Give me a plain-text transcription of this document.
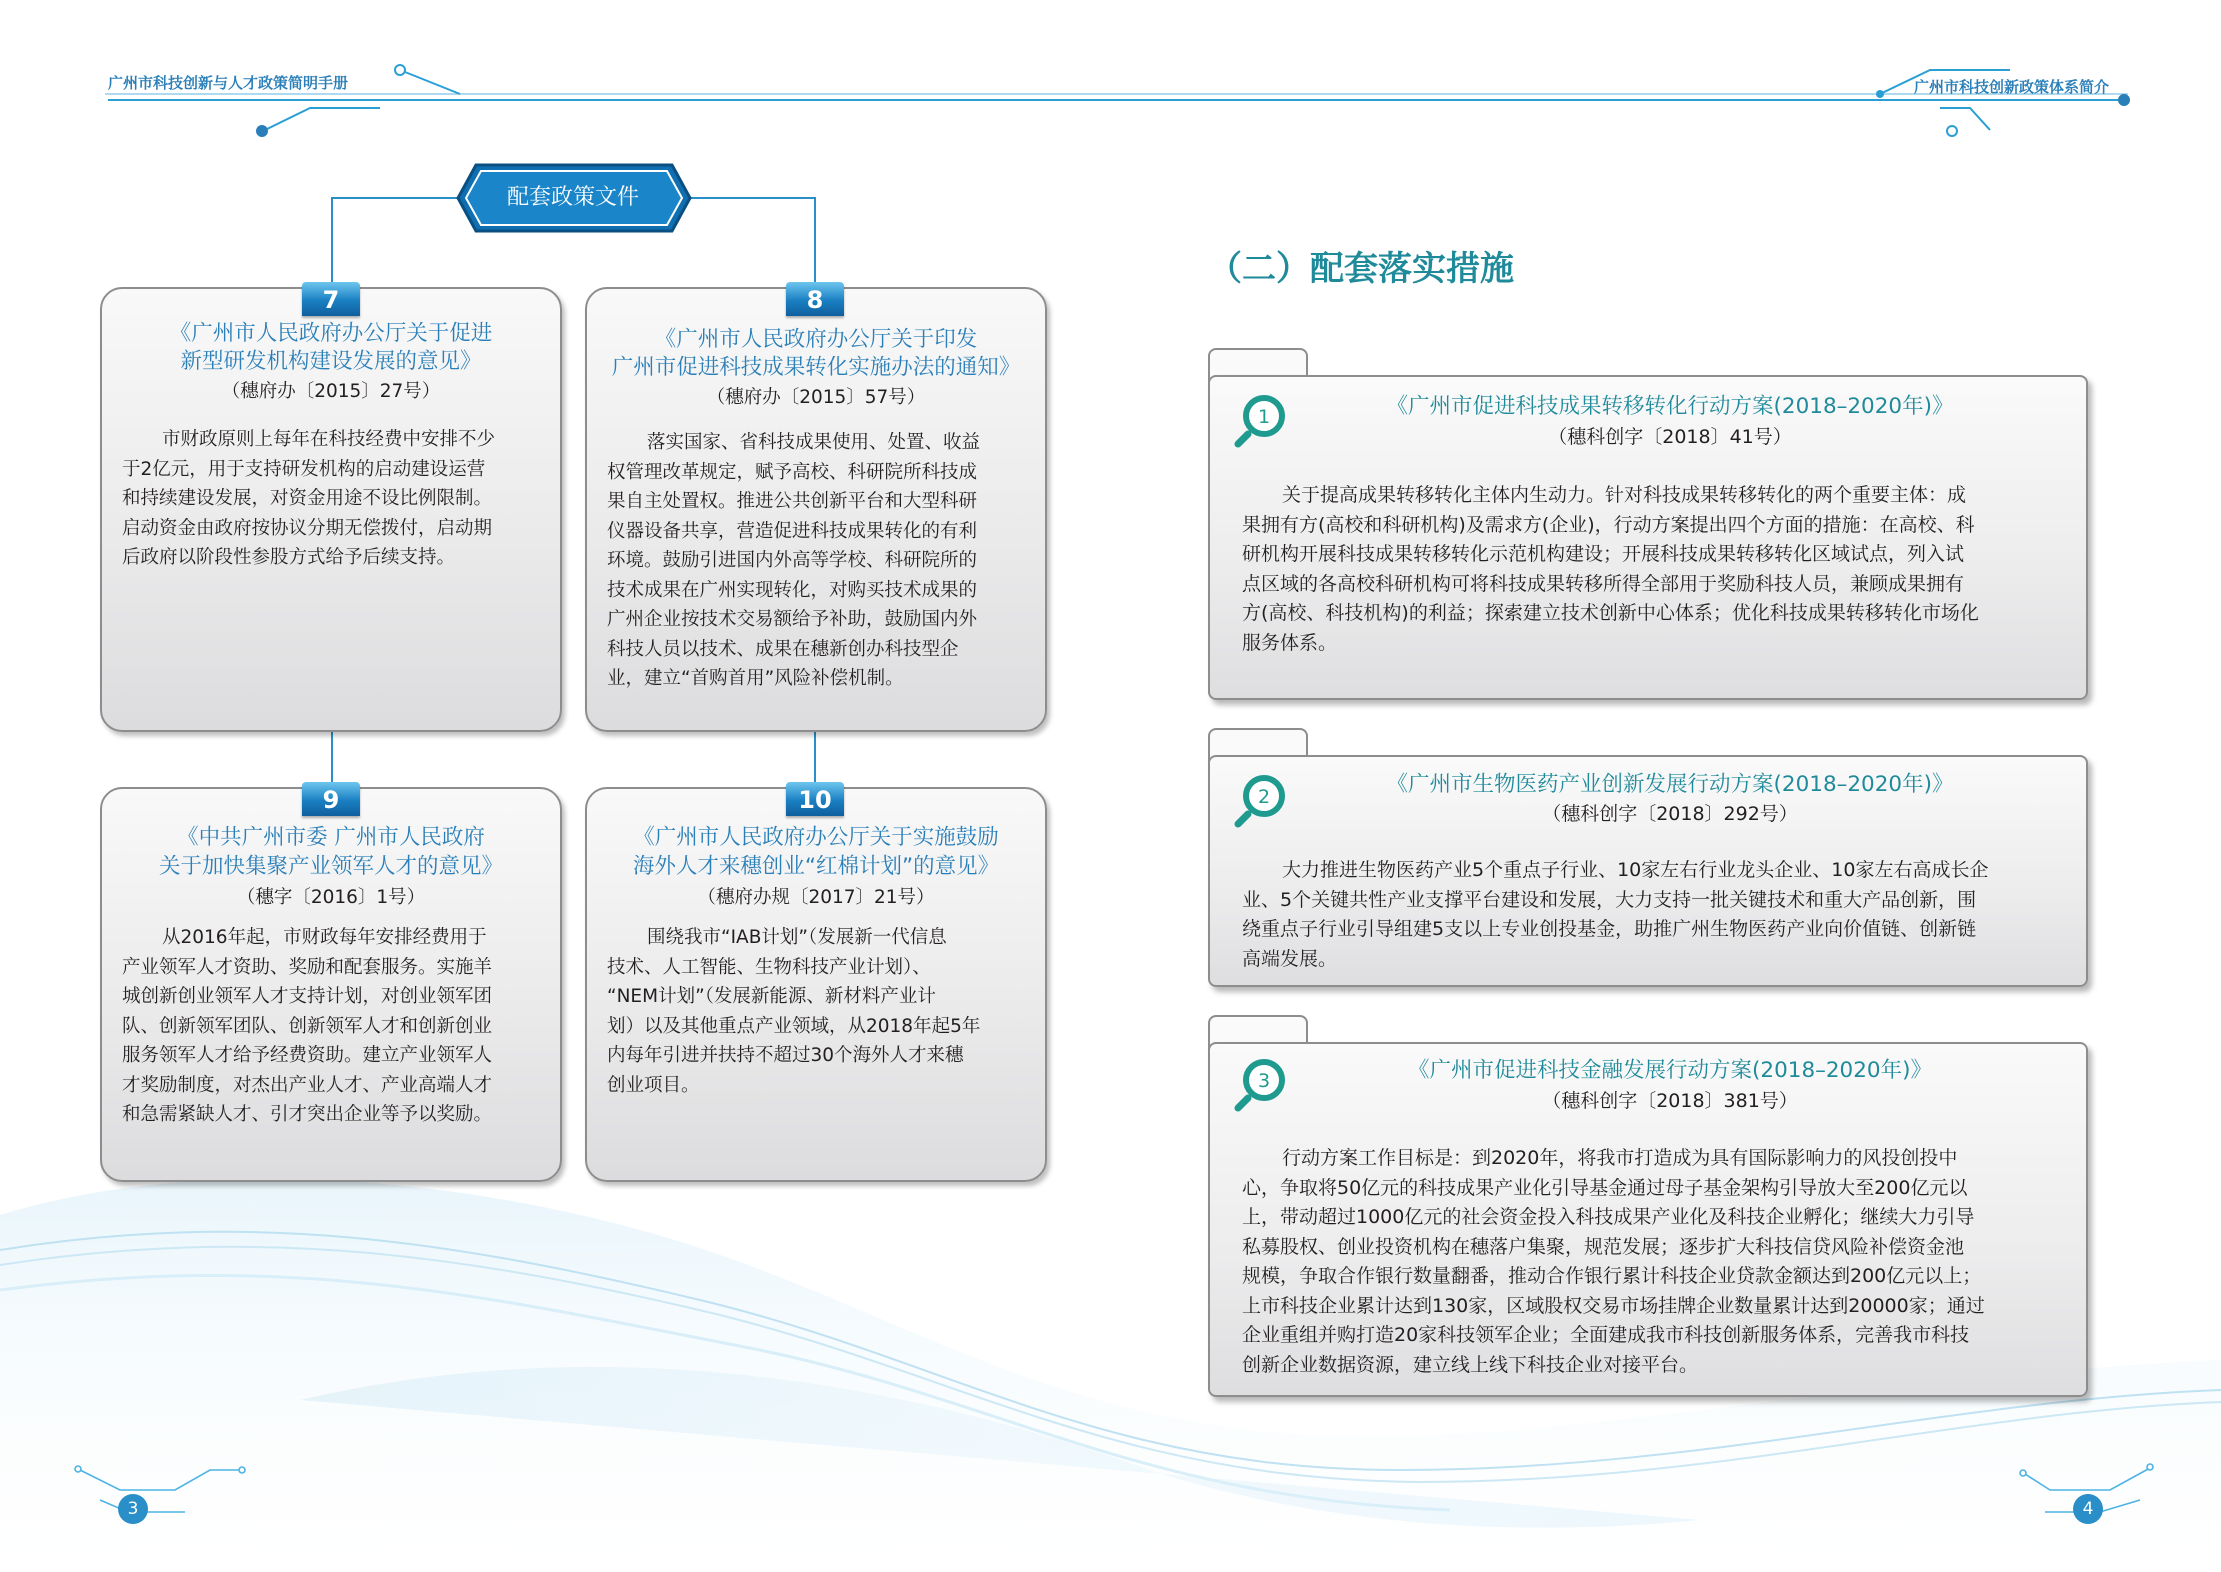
广州市科技创新与人才政策简明手册	广州市科技创新政策体系简介
配套政策文件
7
《广州市人民政府办公厅关于促进
新型研发机构建设发展的意见》
（穗府办〔2015〕27号）
市财政原则上每年在科技经费中安排不少
于2亿元，用于支持研发机构的启动建设运营
和持续建设发展，对资金用途不设比例限制。
启动资金由政府按协议分期无偿拨付，启动期
后政府以阶段性参股方式给予后续支持。
8
《广州市人民政府办公厅关于印发
广州市促进科技成果转化实施办法的通知》
（穗府办〔2015〕57号）
落实国家、省科技成果使用、处置、收益
权管理改革规定，赋予高校、科研院所科技成
果自主处置权。推进公共创新平台和大型科研
仪器设备共享，营造促进科技成果转化的有利
环境。鼓励引进国内外高等学校、科研院所的
技术成果在广州实现转化，对购买技术成果的
广州企业按技术交易额给予补助，鼓励国内外
科技人员以技术、成果在穗新创办科技型企
业，建立“首购首用”风险补偿机制。
9
《中共广州市委 广州市人民政府
关于加快集聚产业领军人才的意见》
（穗字〔2016〕1号）
从2016年起，市财政每年安排经费用于
产业领军人才资助、奖励和配套服务。实施羊
城创新创业领军人才支持计划，对创业领军团
队、创新领军团队、创新领军人才和创新创业
服务领军人才给予经费资助。建立产业领军人
才奖励制度，对杰出产业人才、产业高端人才
和急需紧缺人才、引才突出企业等予以奖励。
10
《广州市人民政府办公厅关于实施鼓励
海外人才来穗创业“红棉计划”的意见》
（穗府办规〔2017〕21号）
围绕我市“IAB计划”（发展新一代信息
技术、人工智能、生物科技产业计划）、
“NEM计划”（发展新能源、新材料产业计
划）以及其他重点产业领域，从2018年起5年
内每年引进并扶持不超过30个海外人才来穗
创业项目。
（二）配套落实措施
1	《广州市促进科技成果转移转化行动方案(2018–2020年)》
（穗科创字〔2018〕41号）
关于提高成果转移转化主体内生动力。针对科技成果转移转化的两个重要主体：成
果拥有方(高校和科研机构)及需求方(企业)，行动方案提出四个方面的措施：在高校、科
研机构开展科技成果转移转化示范机构建设；开展科技成果转移转化区域试点，列入试
点区域的各高校科研机构可将科技成果转移所得全部用于奖励科技人员，兼顾成果拥有
方(高校、科技机构)的利益；探索建立技术创新中心体系；优化科技成果转移转化市场化
服务体系。
2	《广州市生物医药产业创新发展行动方案(2018–2020年)》
（穗科创字〔2018〕292号）
大力推进生物医药产业5个重点子行业、10家左右行业龙头企业、10家左右高成长企
业、5个关键共性产业支撑平台建设和发展，大力支持一批关键技术和重大产品创新，围
绕重点子行业引导组建5支以上专业创投基金，助推广州生物医药产业向价值链、创新链
高端发展。
3	《广州市促进科技金融发展行动方案(2018–2020年)》
（穗科创字〔2018〕381号）
行动方案工作目标是：到2020年，将我市打造成为具有国际影响力的风投创投中
心，争取将50亿元的科技成果产业化引导基金通过母子基金架构引导放大至200亿元以
上，带动超过1000亿元的社会资金投入科技成果产业化及科技企业孵化；继续大力引导
私募股权、创业投资机构在穗落户集聚，规范发展；逐步扩大科技信贷风险补偿资金池
规模，争取合作银行数量翻番，推动合作银行累计科技企业贷款金额达到200亿元以上；
上市科技企业累计达到130家，区域股权交易市场挂牌企业数量累计达到20000家；通过
企业重组并购打造20家科技领军企业；全面建成我市科技创新服务体系，完善我市科技
创新企业数据资源，建立线上线下科技企业对接平台。
3	4
